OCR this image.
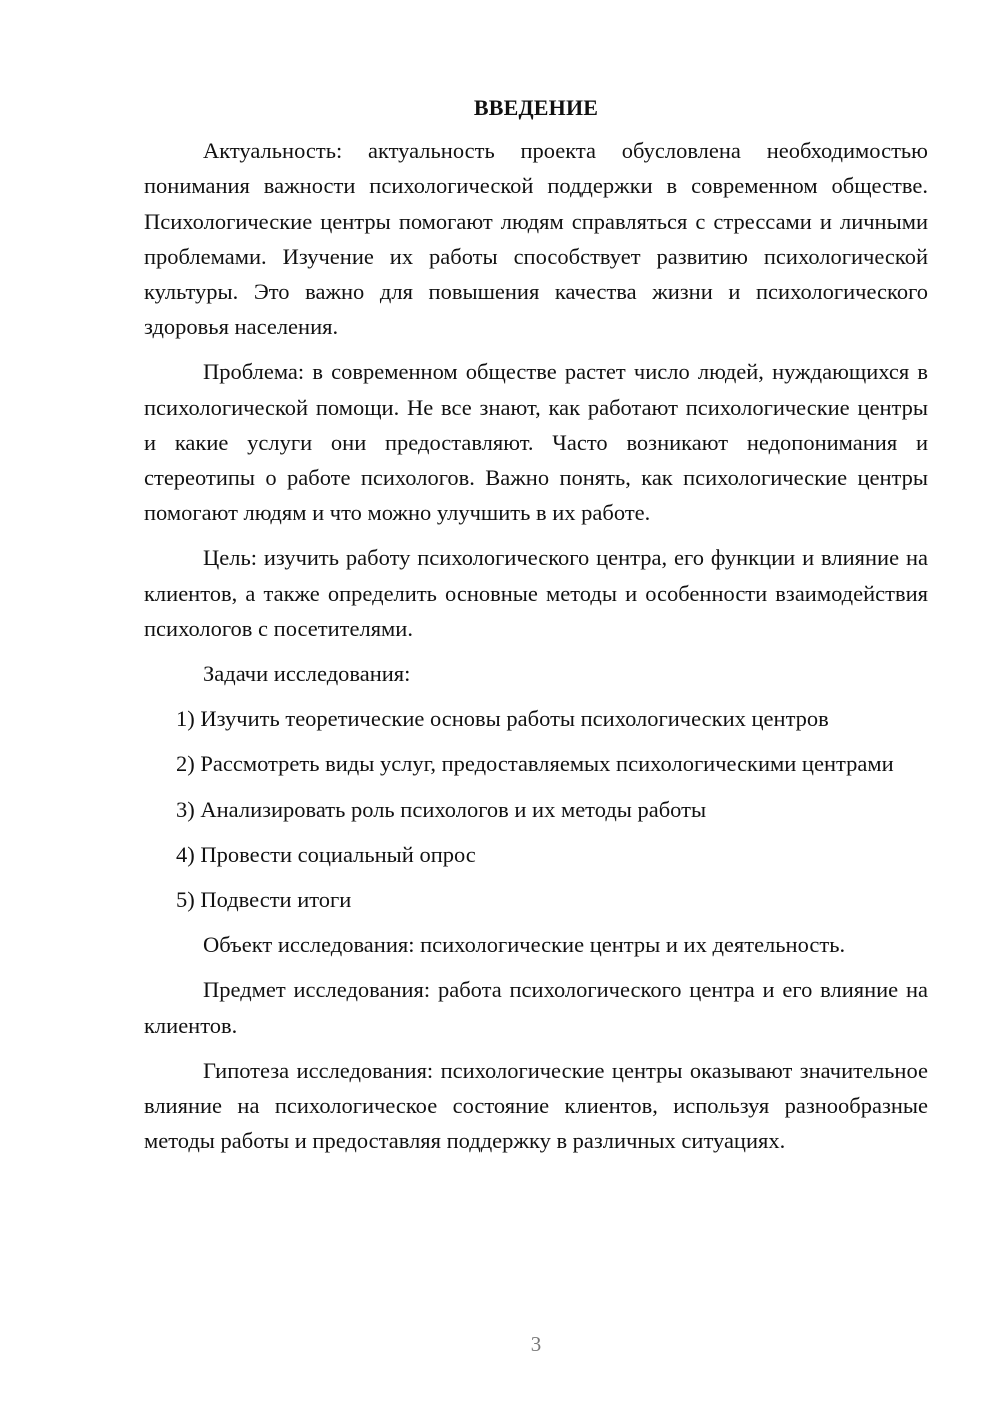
ВВЕДЕНИЕ

Актуальность: актуальность проекта обусловлена необходимостью понимания важности психологической поддержки в современном обществе. Психологические центры помогают людям справляться с стрессами и личными проблемами. Изучение их работы способствует развитию психологической культуры. Это важно для повышения качества жизни и психологического здоровья населения.

Проблема: в современном обществе растет число людей, нуждающихся в психологической помощи. Не все знают, как работают психологические центры и какие услуги они предоставляют. Часто возникают недопонимания и стереотипы о работе психологов. Важно понять, как психологические центры помогают людям и что можно улучшить в их работе.

Цель: изучить работу психологического центра, его функции и влияние на клиентов, а также определить основные методы и особенности взаимодействия психологов с посетителями.

Задачи исследования:

1) Изучить теоретические основы работы психологических центров

2) Рассмотреть виды услуг, предоставляемых психологическими центрами

3) Анализировать роль психологов и их методы работы

4) Провести социальный опрос

5) Подвести итоги

Объект исследования: психологические центры и их деятельность.

Предмет исследования: работа психологического центра и его влияние на клиентов.

Гипотеза исследования: психологические центры оказывают значительное влияние на психологическое состояние клиентов, используя разнообразные методы работы и предоставляя поддержку в различных ситуациях.

3
